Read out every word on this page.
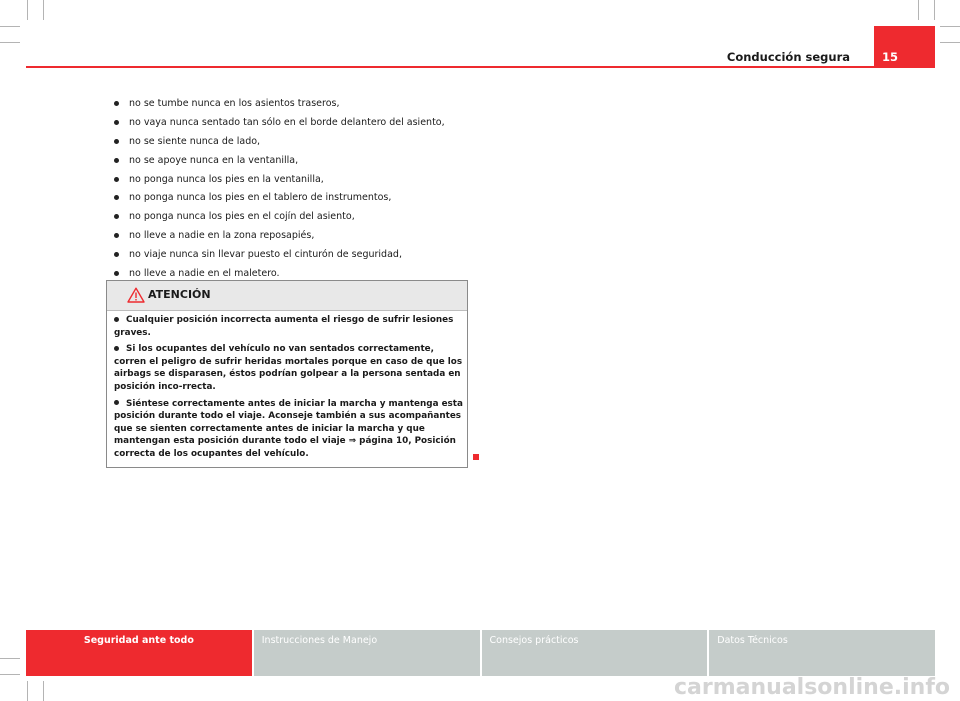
Conducción segura	15
no se tumbe nunca en los asientos traseros,
no vaya nunca sentado tan sólo en el borde delantero del asiento,
no se siente nunca de lado,
no se apoye nunca en la ventanilla,
no ponga nunca los pies en la ventanilla,
no ponga nunca los pies en el tablero de instrumentos,
no ponga nunca los pies en el cojín del asiento,
no lleve a nadie en la zona reposapiés,
no viaje nunca sin llevar puesto el cinturón de seguridad,
no lleve a nadie en el maletero.
ATENCIÓN

Cualquier posición incorrecta aumenta el riesgo de sufrir lesiones graves.

Si los ocupantes del vehículo no van sentados correctamente, corren el peligro de sufrir heridas mortales porque en caso de que los airbags se disparasen, éstos podrían golpear a la persona sentada en posición inco-rrecta.

Siéntese correctamente antes de iniciar la marcha y mantenga esta posición durante todo el viaje. Aconseje también a sus acompañantes que se sienten correctamente antes de iniciar la marcha y que mantengan esta posición durante todo el viaje ⇒ página 10, Posición correcta de los ocupantes del vehículo.

Seguridad ante todo	Instrucciones de Manejo	Consejos prácticos	Datos Técnicos
carmanualsonline.info
